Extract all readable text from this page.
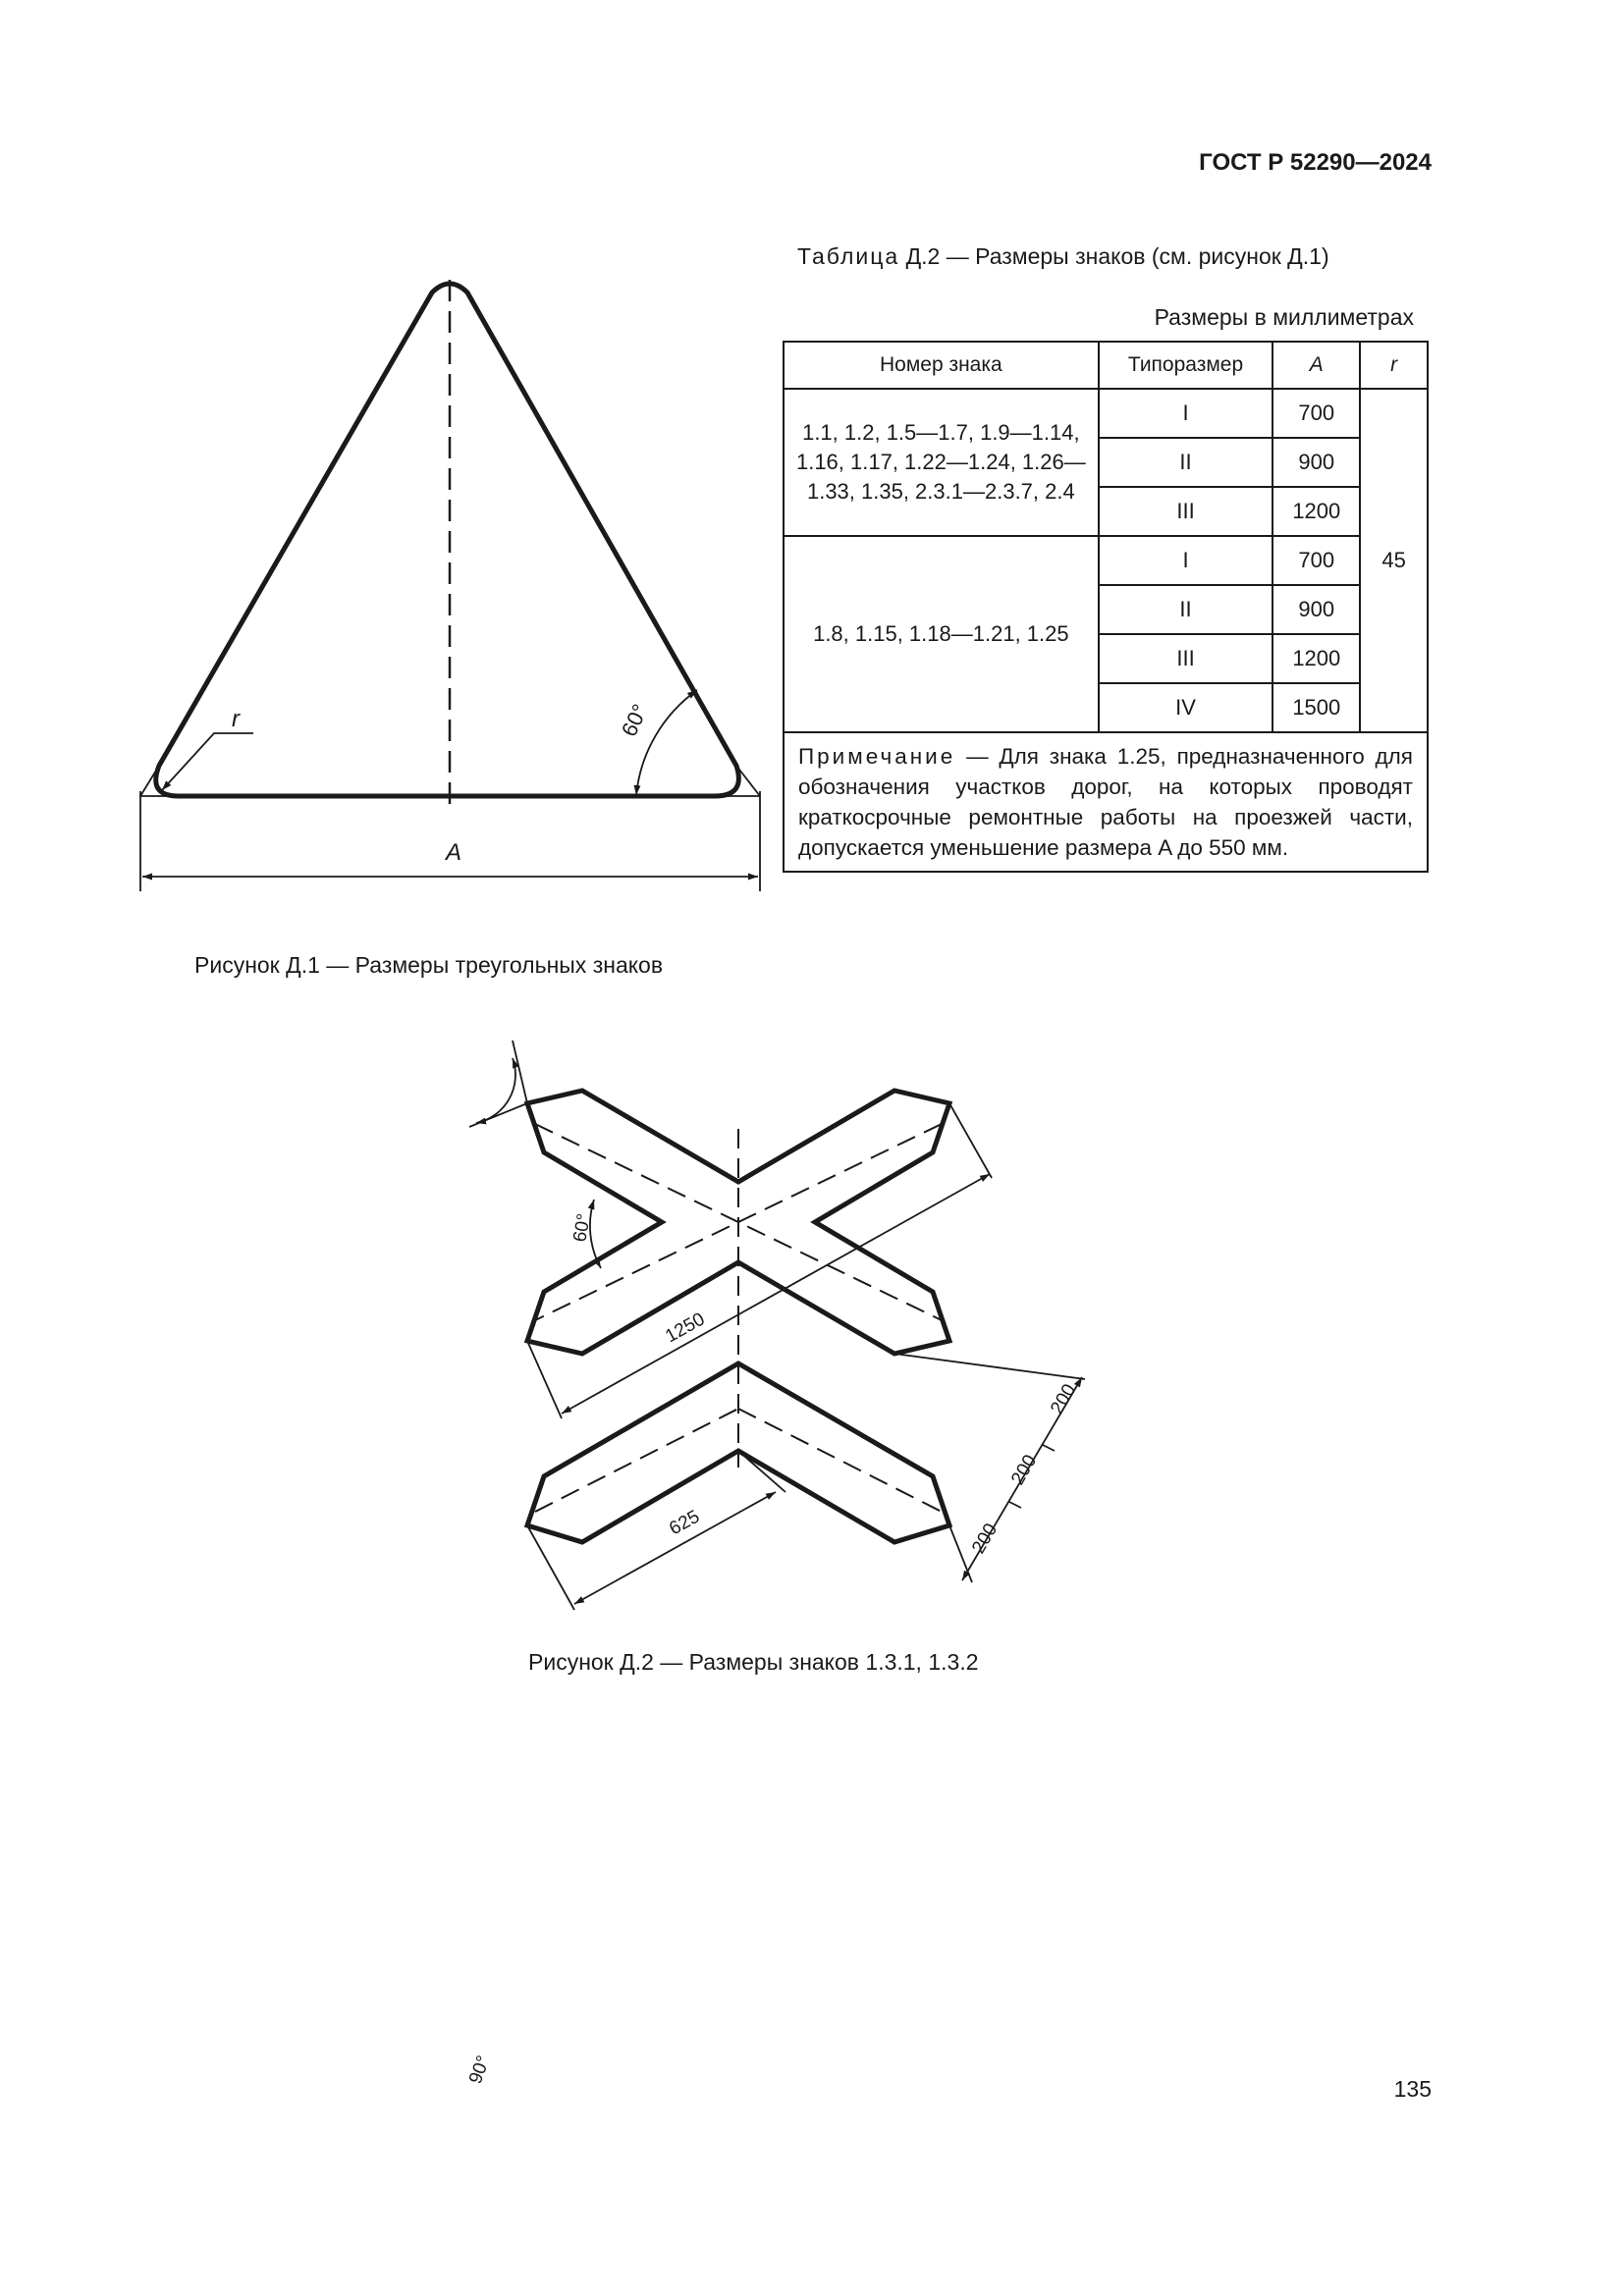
ГОСТ Р 52290—2024
Таблица Д.2 — Размеры знаков (см. рисунок Д.1)
Размеры в миллиметрах
Номер знака	Типоразмер	A	r
1.1, 1.2, 1.5—1.7, 1.9—1.14, 1.16, 1.17, 1.22—1.24, 1.26—1.33, 1.35, 2.3.1—2.3.7, 2.4	I	700	45
	II	900	
	III	1200	
1.8, 1.15, 1.18—1.21, 1.25	I	700	
	II	900	
	III	1200	
	IV	1500	
Примечание — Для знака 1.25, предназначенного для обозначения участков дорог, на которых проводят краткосрочные ремонтные работы на проезжей части, допускается уменьшение размера A до 550 мм.			
A
r	60°
Рисунок Д.1 — Размеры треугольных знаков
90°
60°
1250
625
200
200
200
Рисунок Д.2 — Размеры знаков 1.3.1, 1.3.2
135
